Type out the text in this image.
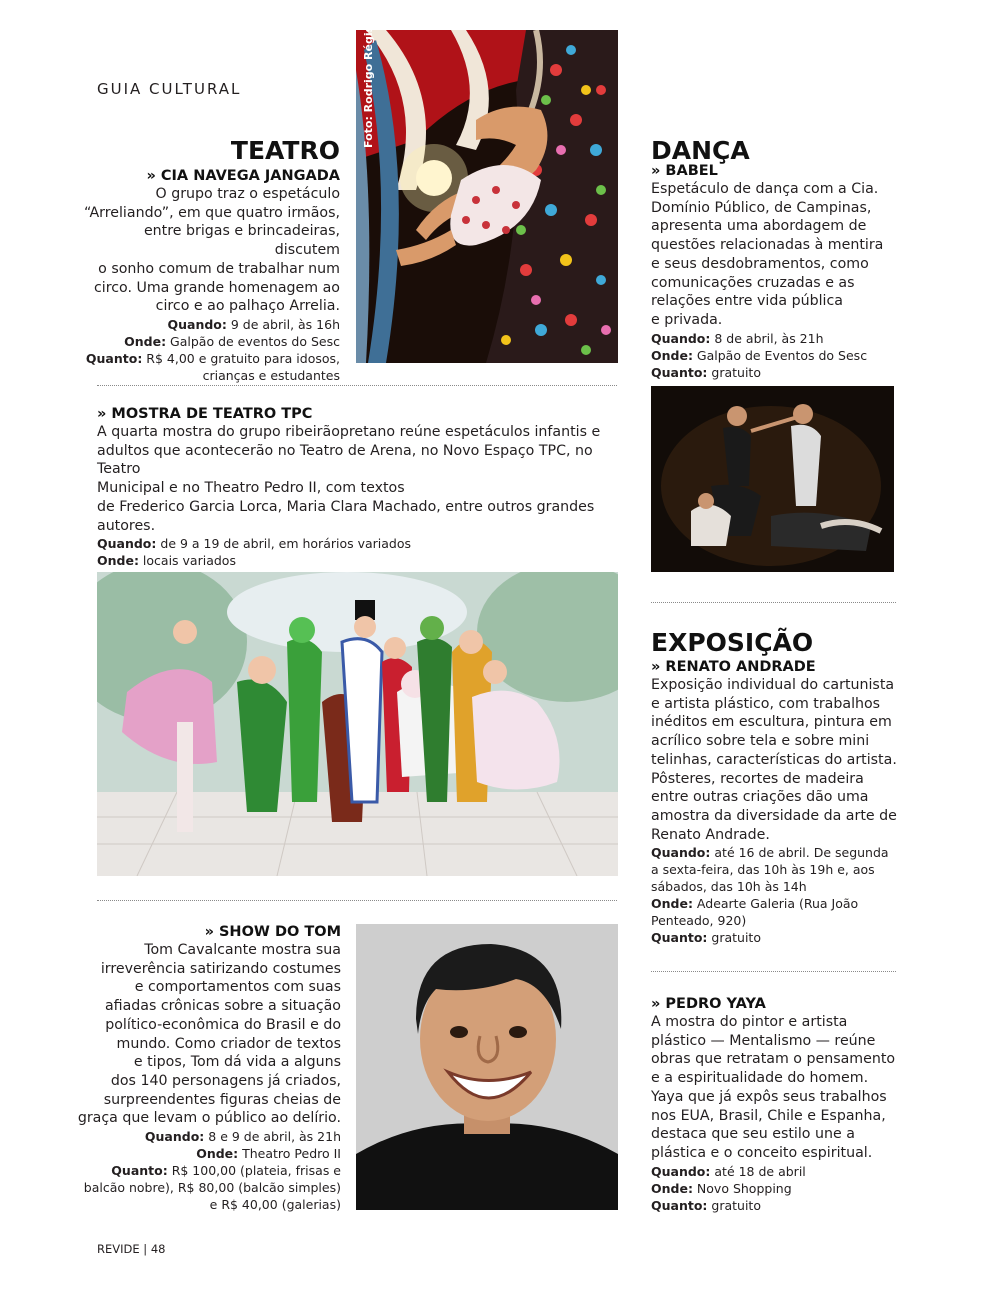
GUIA CULTURAL
TEATRO

» CIA NAVEGA JANGADA

O grupo traz o espetáculo

“Arreliando”, em que quatro irmãos,

entre brigas e brincadeiras, discutem

o sonho comum de trabalhar num

circo. Uma grande homenagem ao

circo e ao palhaço Arrelia.

Quando: 9 de abril, às 16h

Onde: Galpão de eventos do Sesc

Quanto: R$ 4,00 e gratuito para idosos,

crianças e estudantes

Foto: Rodrigo Régis

» MOSTRA DE TEATRO TPC

A quarta mostra do grupo ribeirãopretano reúne espetáculos infantis e

adultos que acontecerão no Teatro de Arena, no Novo Espaço TPC, no Teatro

Municipal e no Theatro Pedro II, com textos

de Frederico Garcia Lorca, Maria Clara Machado, entre outros grandes autores.

Quando: de 9 a 19 de abril, em horários variados

Onde: locais variados

» SHOW DO TOM

Tom Cavalcante mostra sua

irreverência satirizando costumes

e comportamentos com suas

afiadas crônicas sobre a situação

político-econômica do Brasil e do

mundo. Como criador de textos

e tipos, Tom dá vida a alguns

dos 140 personagens já criados,

surpreendentes figuras cheias de

graça que levam o público ao delírio.

Quando: 8 e 9 de abril, às 21h

Onde: Theatro Pedro II

Quanto: R$ 100,00 (plateia, frisas e

balcão nobre), R$ 80,00 (balcão simples)

e R$ 40,00 (galerias)

DANÇA

» BABEL

Espetáculo de dança com a Cia.

Domínio Público, de Campinas,

apresenta uma abordagem de

questões relacionadas à mentira

e seus desdobramentos, como

comunicações cruzadas e as

relações entre vida pública

e privada.

Quando: 8 de abril, às 21h

Onde: Galpão de Eventos do Sesc

Quanto: gratuito

EXPOSIÇÃO

» RENATO ANDRADE

Exposição individual do cartunista

e artista plástico, com trabalhos

inéditos em escultura, pintura em

acrílico sobre tela e sobre mini

telinhas, características do artista.

Pôsteres, recortes de madeira

entre outras criações dão uma

amostra da diversidade da arte de

Renato Andrade.

Quando: até 16 de abril. De segunda

a sexta-feira, das 10h às 19h e, aos

sábados, das 10h às 14h

Onde: Adearte Galeria (Rua João

Penteado, 920)

Quanto: gratuito

» PEDRO YAYA

A mostra do pintor e artista

plástico — Mentalismo — reúne

obras que retratam o pensamento

e a espiritualidade do homem.

Yaya que já expôs seus trabalhos

nos EUA, Brasil, Chile e Espanha,

destaca que seu estilo une a

plástica e o conceito espiritual.

Quando: até 18 de abril

Onde: Novo Shopping

Quanto: gratuito

REVIDE | 48
